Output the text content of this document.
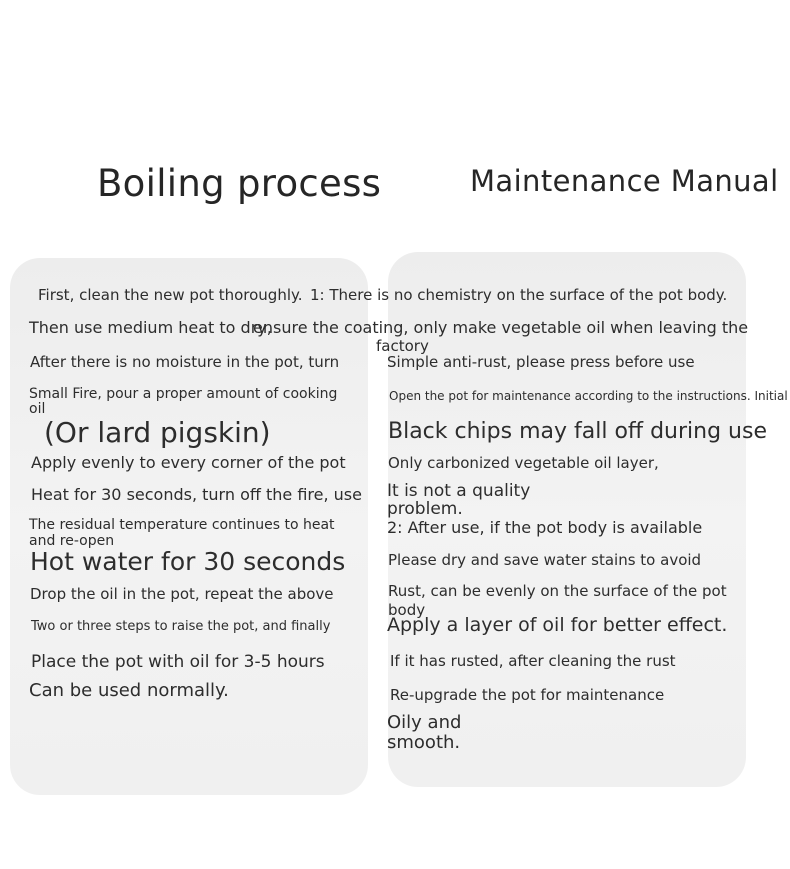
Boiling process	Maintenance Manual
First, clean the new pot thoroughly.
Then use medium heat to dry,
After there is no moisture in the pot, turn
Small Fire, pour a proper amount of cooking
oil
(Or lard pigskin)
Apply evenly to every corner of the pot
Heat for 30 seconds, turn off the fire, use
The residual temperature continues to heat
and re-open
Hot water for 30 seconds
Drop the oil in the pot, repeat the above
Two or three steps to raise the pot, and finally
Place the pot with oil for 3-5 hours
Can be used normally.
1: There is no chemistry on the surface of the pot body.
ensure the coating, only make vegetable oil when leaving the
factory
Simple anti-rust, please press before use
Open the pot for maintenance according to the instructions. Initial
Black chips may fall off during use
Only carbonized vegetable oil layer,
It is not a quality
problem.
2: After use, if the pot body is available
Please dry and save water stains to avoid
Rust, can be evenly on the surface of the pot
body
Apply a layer of oil for better effect.
If it has rusted, after cleaning the rust
Re-upgrade the pot for maintenance
Oily and
smooth.
